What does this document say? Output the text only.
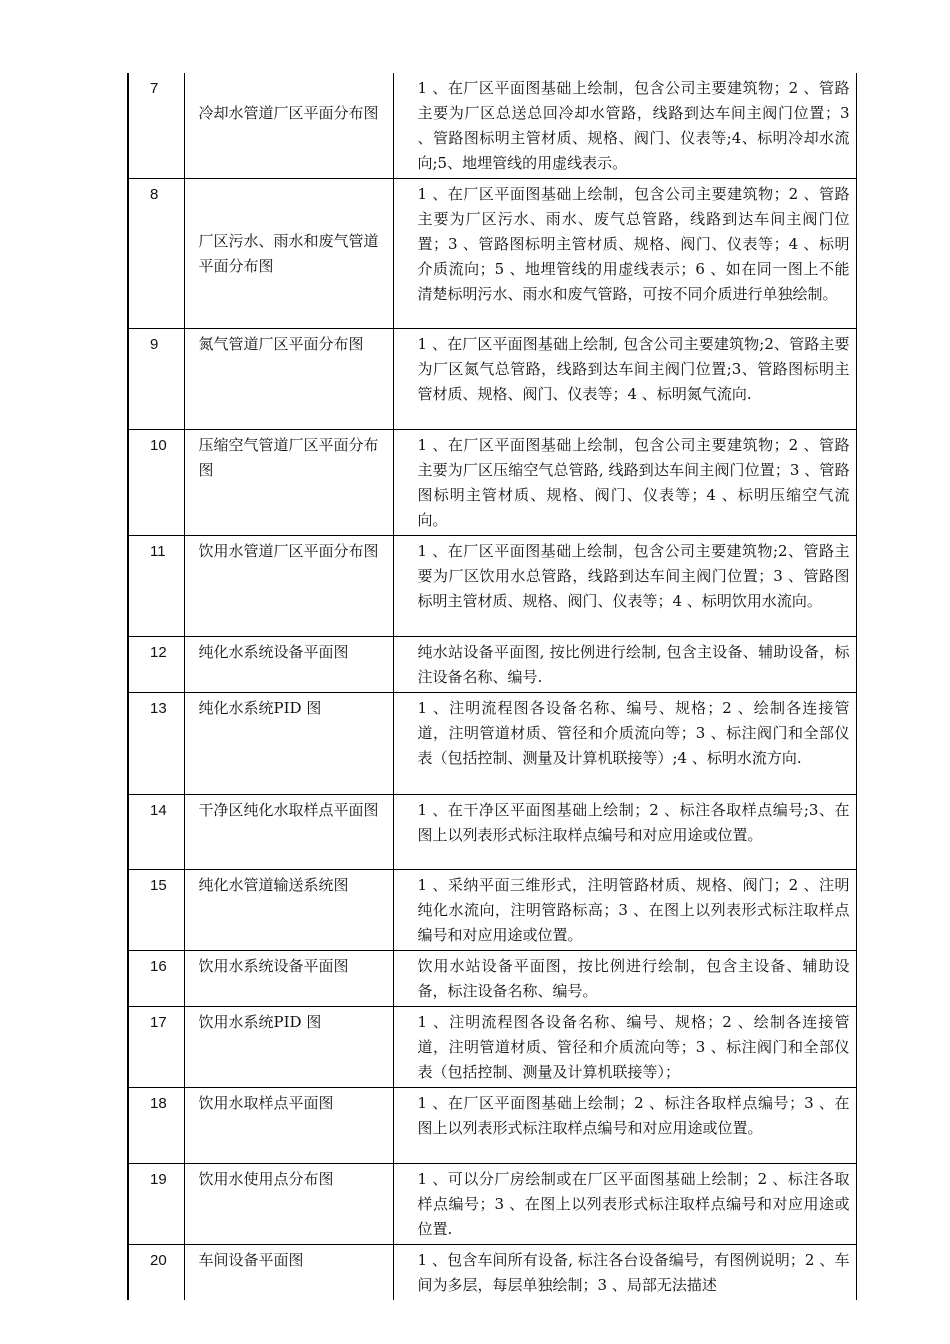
7	冷却水管道厂区平面分布图	1 、在厂区平面图基础上绘制，包含公司主要建筑物；2 、管路主要为厂区总送总回冷却水管路，线路到达车间主阀门位置；3 、管路图标明主管材质、规格、阀门、仪表等;4、标明冷却水流向;5、地埋管线的用虚线表示。
8	厂区污水、雨水和废气管道平面分布图	1 、在厂区平面图基础上绘制，包含公司主要建筑物；2 、管路主要为厂区污水、雨水、废气总管路，线路到达车间主阀门位置；3 、管路图标明主管材质、规格、阀门、仪表等；4 、标明介质流向；5 、地埋管线的用虚线表示；6 、如在同一图上不能清楚标明污水、雨水和废气管路，可按不同介质进行单独绘制。
9	氮气管道厂区平面分布图	1 、在厂区平面图基础上绘制, 包含公司主要建筑物;2、管路主要为厂区氮气总管路，线路到达车间主阀门位置;3、管路图标明主管材质、规格、阀门、仪表等；4 、标明氮气流向.
10	压缩空气管道厂区平面分布图	1 、在厂区平面图基础上绘制，包含公司主要建筑物；2 、管路主要为厂区压缩空气总管路, 线路到达车间主阀门位置；3 、管路图标明主管材质、规格、阀门、仪表等；4 、标明压缩空气流向。
11	饮用水管道厂区平面分布图	1 、在厂区平面图基础上绘制，包含公司主要建筑物;2、管路主要为厂区饮用水总管路，线路到达车间主阀门位置；3 、管路图标明主管材质、规格、阀门、仪表等；4 、标明饮用水流向。
12	纯化水系统设备平面图	纯水站设备平面图, 按比例进行绘制, 包含主设备、辅助设备，标注设备名称、编号.
13	纯化水系统PID 图	1 、注明流程图各设备名称、编号、规格；2 、绘制各连接管道，注明管道材质、管径和介质流向等；3 、标注阀门和全部仪表（包括控制、测量及计算机联接等）;4 、标明水流方向.
14	干净区纯化水取样点平面图	1 、在干净区平面图基础上绘制；2 、标注各取样点编号;3、在图上以列表形式标注取样点编号和对应用途或位置。
15	纯化水管道输送系统图	1 、采纳平面三维形式，注明管路材质、规格、阀门；2 、注明纯化水流向，注明管路标高；3 、在图上以列表形式标注取样点编号和对应用途或位置。
16	饮用水系统设备平面图	饮用水站设备平面图，按比例进行绘制，包含主设备、辅助设备，标注设备名称、编号。
17	饮用水系统PID 图	1 、注明流程图各设备名称、编号、规格；2 、绘制各连接管道，注明管道材质、管径和介质流向等；3 、标注阀门和全部仪表（包括控制、测量及计算机联接等）；
18	饮用水取样点平面图	1 、在厂区平面图基础上绘制；2 、标注各取样点编号；3 、在图上以列表形式标注取样点编号和对应用途或位置。
19	饮用水使用点分布图	1 、可以分厂房绘制或在厂区平面图基础上绘制；2 、标注各取样点编号；3 、在图上以列表形式标注取样点编号和对应用途或位置.
20	车间设备平面图	1 、包含车间所有设备, 标注各台设备编号，有图例说明；2 、车间为多层，每层单独绘制；3 、局部无法描述
